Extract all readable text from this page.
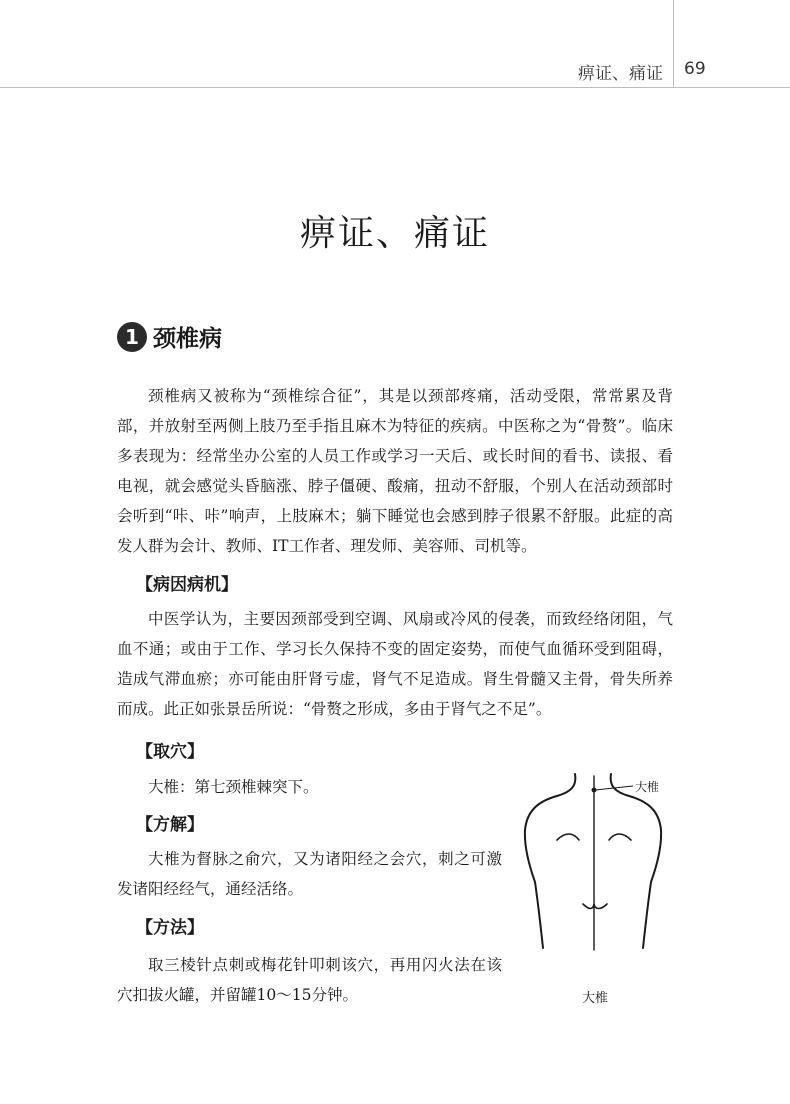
痹证、痛证 69
痹证、痛证
1 颈椎病

颈椎病又被称为“颈椎综合征”，其是以颈部疼痛，活动受限，常常累及背部，并放射至两侧上肢乃至手指且麻木为特征的疾病。中医称之为“骨赘”。临床多表现为：经常坐办公室的人员工作或学习一天后、或长时间的看书、读报、看电视，就会感觉头昏脑涨、脖子僵硬、酸痛，扭动不舒服，个别人在活动颈部时会听到“咔、咔”响声，上肢麻木；躺下睡觉也会感到脖子很累不舒服。此症的高发人群为会计、教师、IT工作者、理发师、美容师、司机等。

【病因病机】

中医学认为，主要因颈部受到空调、风扇或冷风的侵袭，而致经络闭阻，气血不通；或由于工作、学习长久保持不变的固定姿势，而使气血循环受到阻碍，造成气滞血瘀；亦可能由肝肾亏虚，肾气不足造成。肾生骨髓又主骨，骨失所养而成。此正如张景岳所说：“骨赘之形成，多由于肾气之不足”。

【取穴】

大椎：第七颈椎棘突下。

【方解】

大椎为督脉之俞穴，又为诸阳经之会穴，刺之可激发诸阳经经气，通经活络。

【方法】

取三棱针点刺或梅花针叩刺该穴，再用闪火法在该穴扣拔火罐，并留罐10～15分钟。

大椎
大椎
